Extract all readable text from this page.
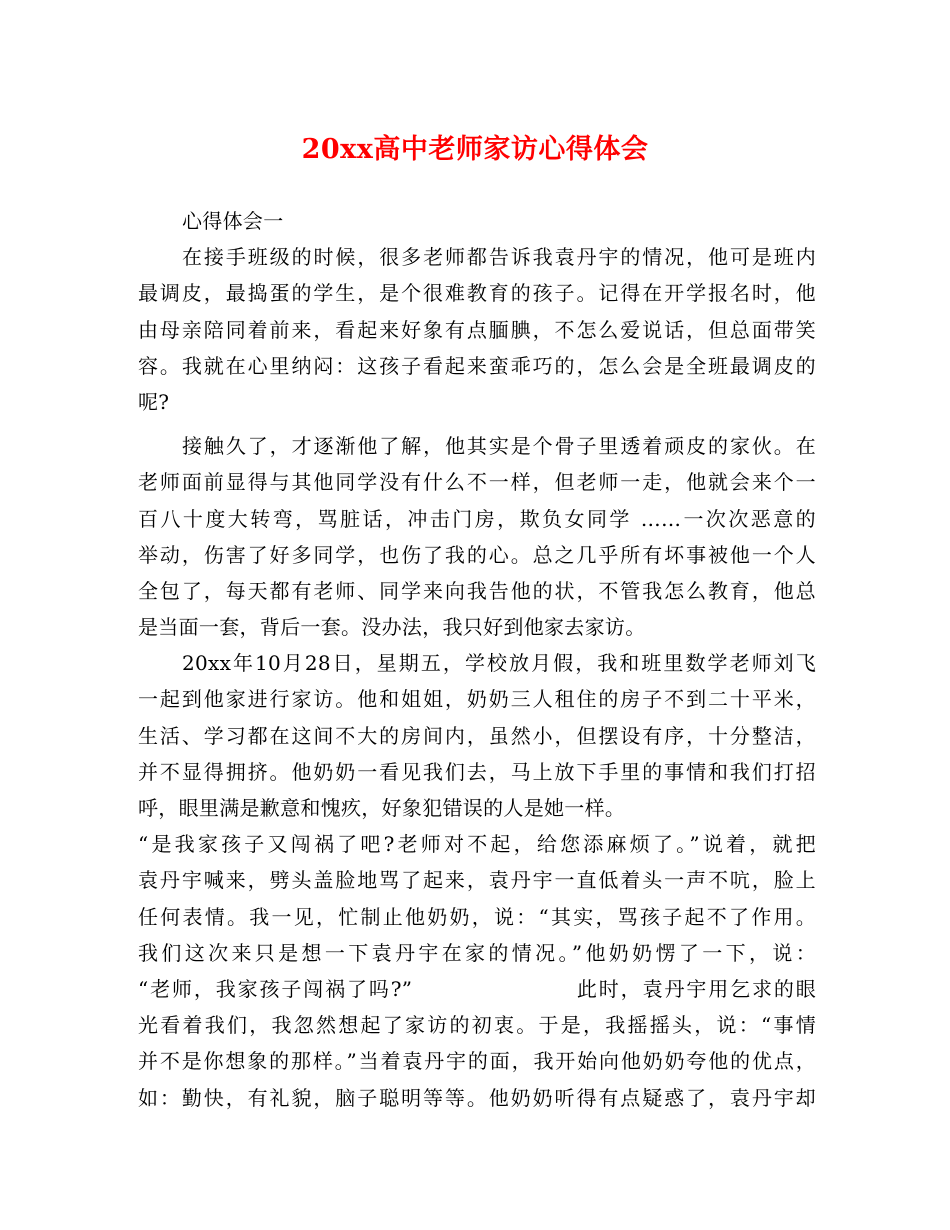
20xx高中老师家访心得体会
心得体会一
在接手班级的时候，很多老师都告诉我袁丹宇的情况，他可是班内
最调皮，最捣蛋的学生，是个很难教育的孩子。记得在开学报名时，他
由母亲陪同着前来，看起来好象有点腼腆，不怎么爱说话，但总面带笑
容。我就在心里纳闷：这孩子看起来蛮乖巧的，怎么会是全班最调皮的
呢?
接触久了，才逐渐他了解，他其实是个骨子里透着顽皮的家伙。在
老师面前显得与其他同学没有什么不一样，但老师一走，他就会来个一
百八十度大转弯，骂脏话，冲击门房，欺负女同学 ……一次次恶意的
举动，伤害了好多同学，也伤了我的心。总之几乎所有坏事被他一个人
全包了，每天都有老师、同学来向我告他的状，不管我怎么教育，他总
是当面一套，背后一套。没办法，我只好到他家去家访。
20xx年10月28日，星期五，学校放月假，我和班里数学老师刘飞
一起到他家进行家访。他和姐姐，奶奶三人租住的房子不到二十平米，
生活、学习都在这间不大的房间内，虽然小，但摆设有序，十分整洁，
并不显得拥挤。他奶奶一看见我们去，马上放下手里的事情和我们打招
呼，眼里满是歉意和愧疚，好象犯错误的人是她一样。
“是我家孩子又闯祸了吧?老师对不起，给您添麻烦了。”说着，就把
袁丹宇喊来，劈头盖脸地骂了起来，袁丹宇一直低着头一声不吭，脸上
任何表情。我一见，忙制止他奶奶，说：“其实，骂孩子起不了作用。
我们这次来只是想一下袁丹宇在家的情况。”他奶奶愣了一下，说：
“老师，我家孩子闯祸了吗?”                    此时，袁丹宇用乞求的眼
光看着我们，我忽然想起了家访的初衷。于是，我摇摇头，说：“事情
并不是你想象的那样。”当着袁丹宇的面，我开始向他奶奶夸他的优点，
如：勤快，有礼貌，脑子聪明等等。他奶奶听得有点疑惑了，袁丹宇却
